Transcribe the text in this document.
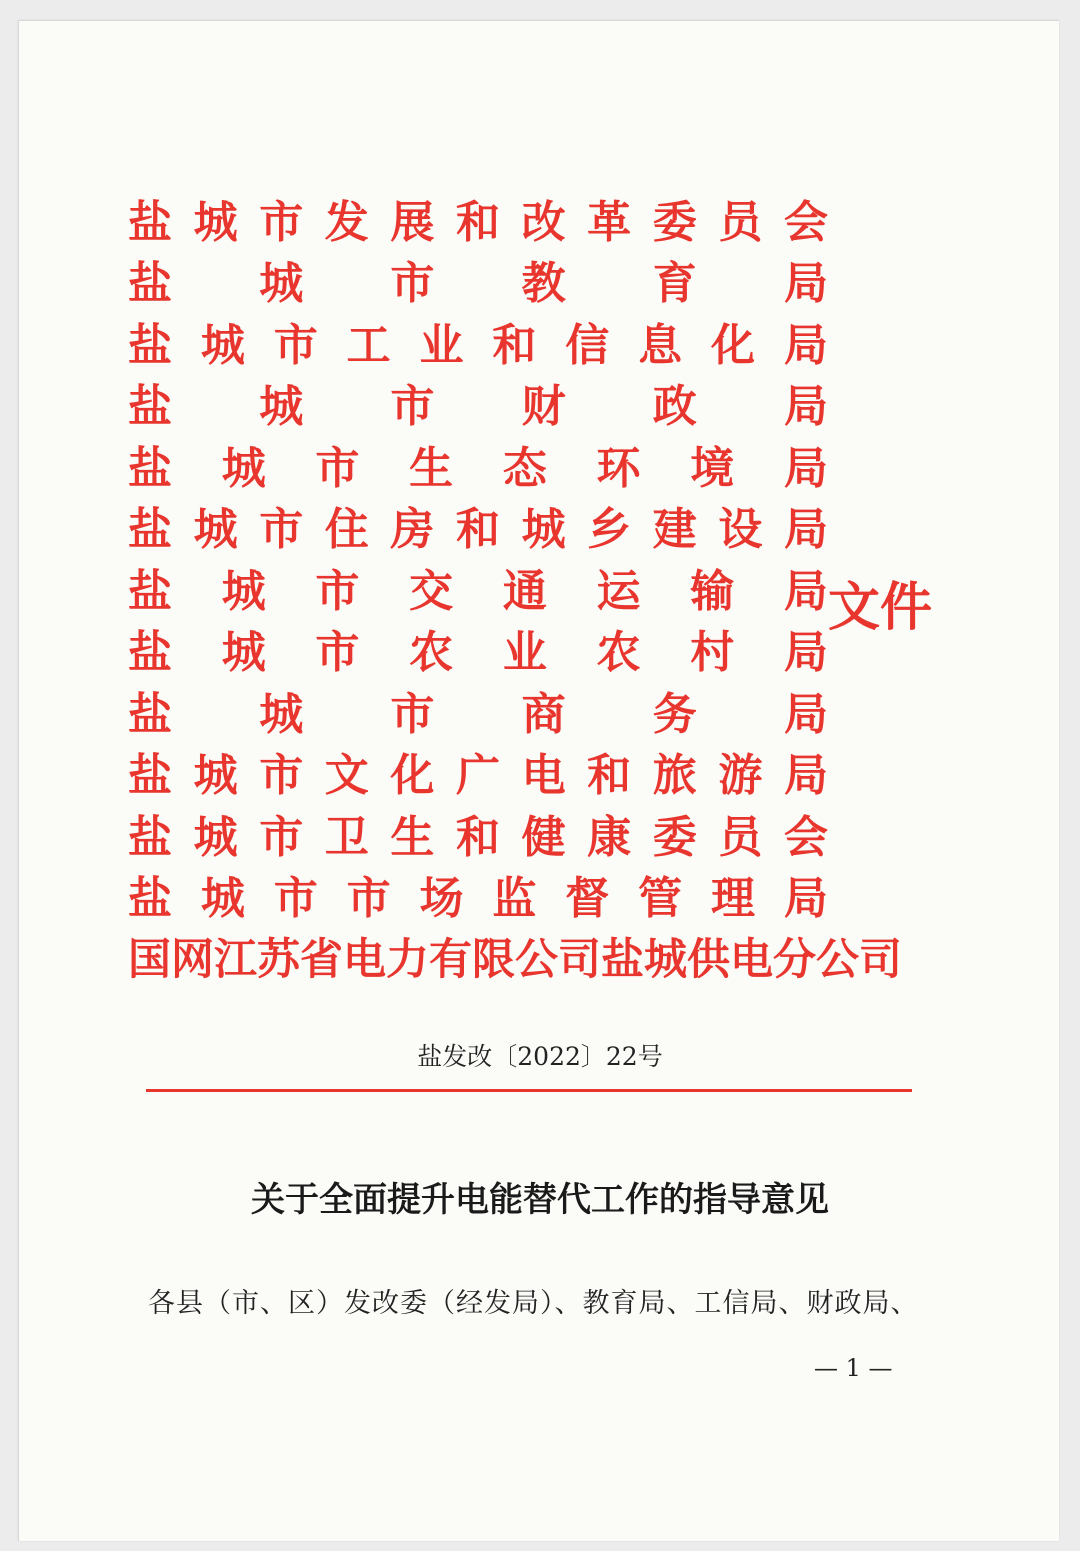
盐 城 市 发 展 和 改 革 委 员 会
盐 城 市 教 育 局
盐 城 市 工 业 和 信 息 化 局
盐 城 市 财 政 局
盐 城 市 生 态 环 境 局
盐 城 市 住 房 和 城 乡 建 设 局
盐 城 市 交 通 运 输 局
盐 城 市 农 业 农 村 局
盐 城 市 商 务 局
盐 城 市 文 化 广 电 和 旅 游 局
盐 城 市 卫 生 和 健 康 委 员 会
盐 城 市 市 场 监 督 管 理 局
国 网 江 苏 省 电 力 有 限 公 司 盐 城 供 电 分 公 司
文件
盐发改〔2022〕22号
关于全面提升电能替代工作的指导意见
各县（市、区）发改委（经发局）、教育局、工信局、财政局、
— 1 —
